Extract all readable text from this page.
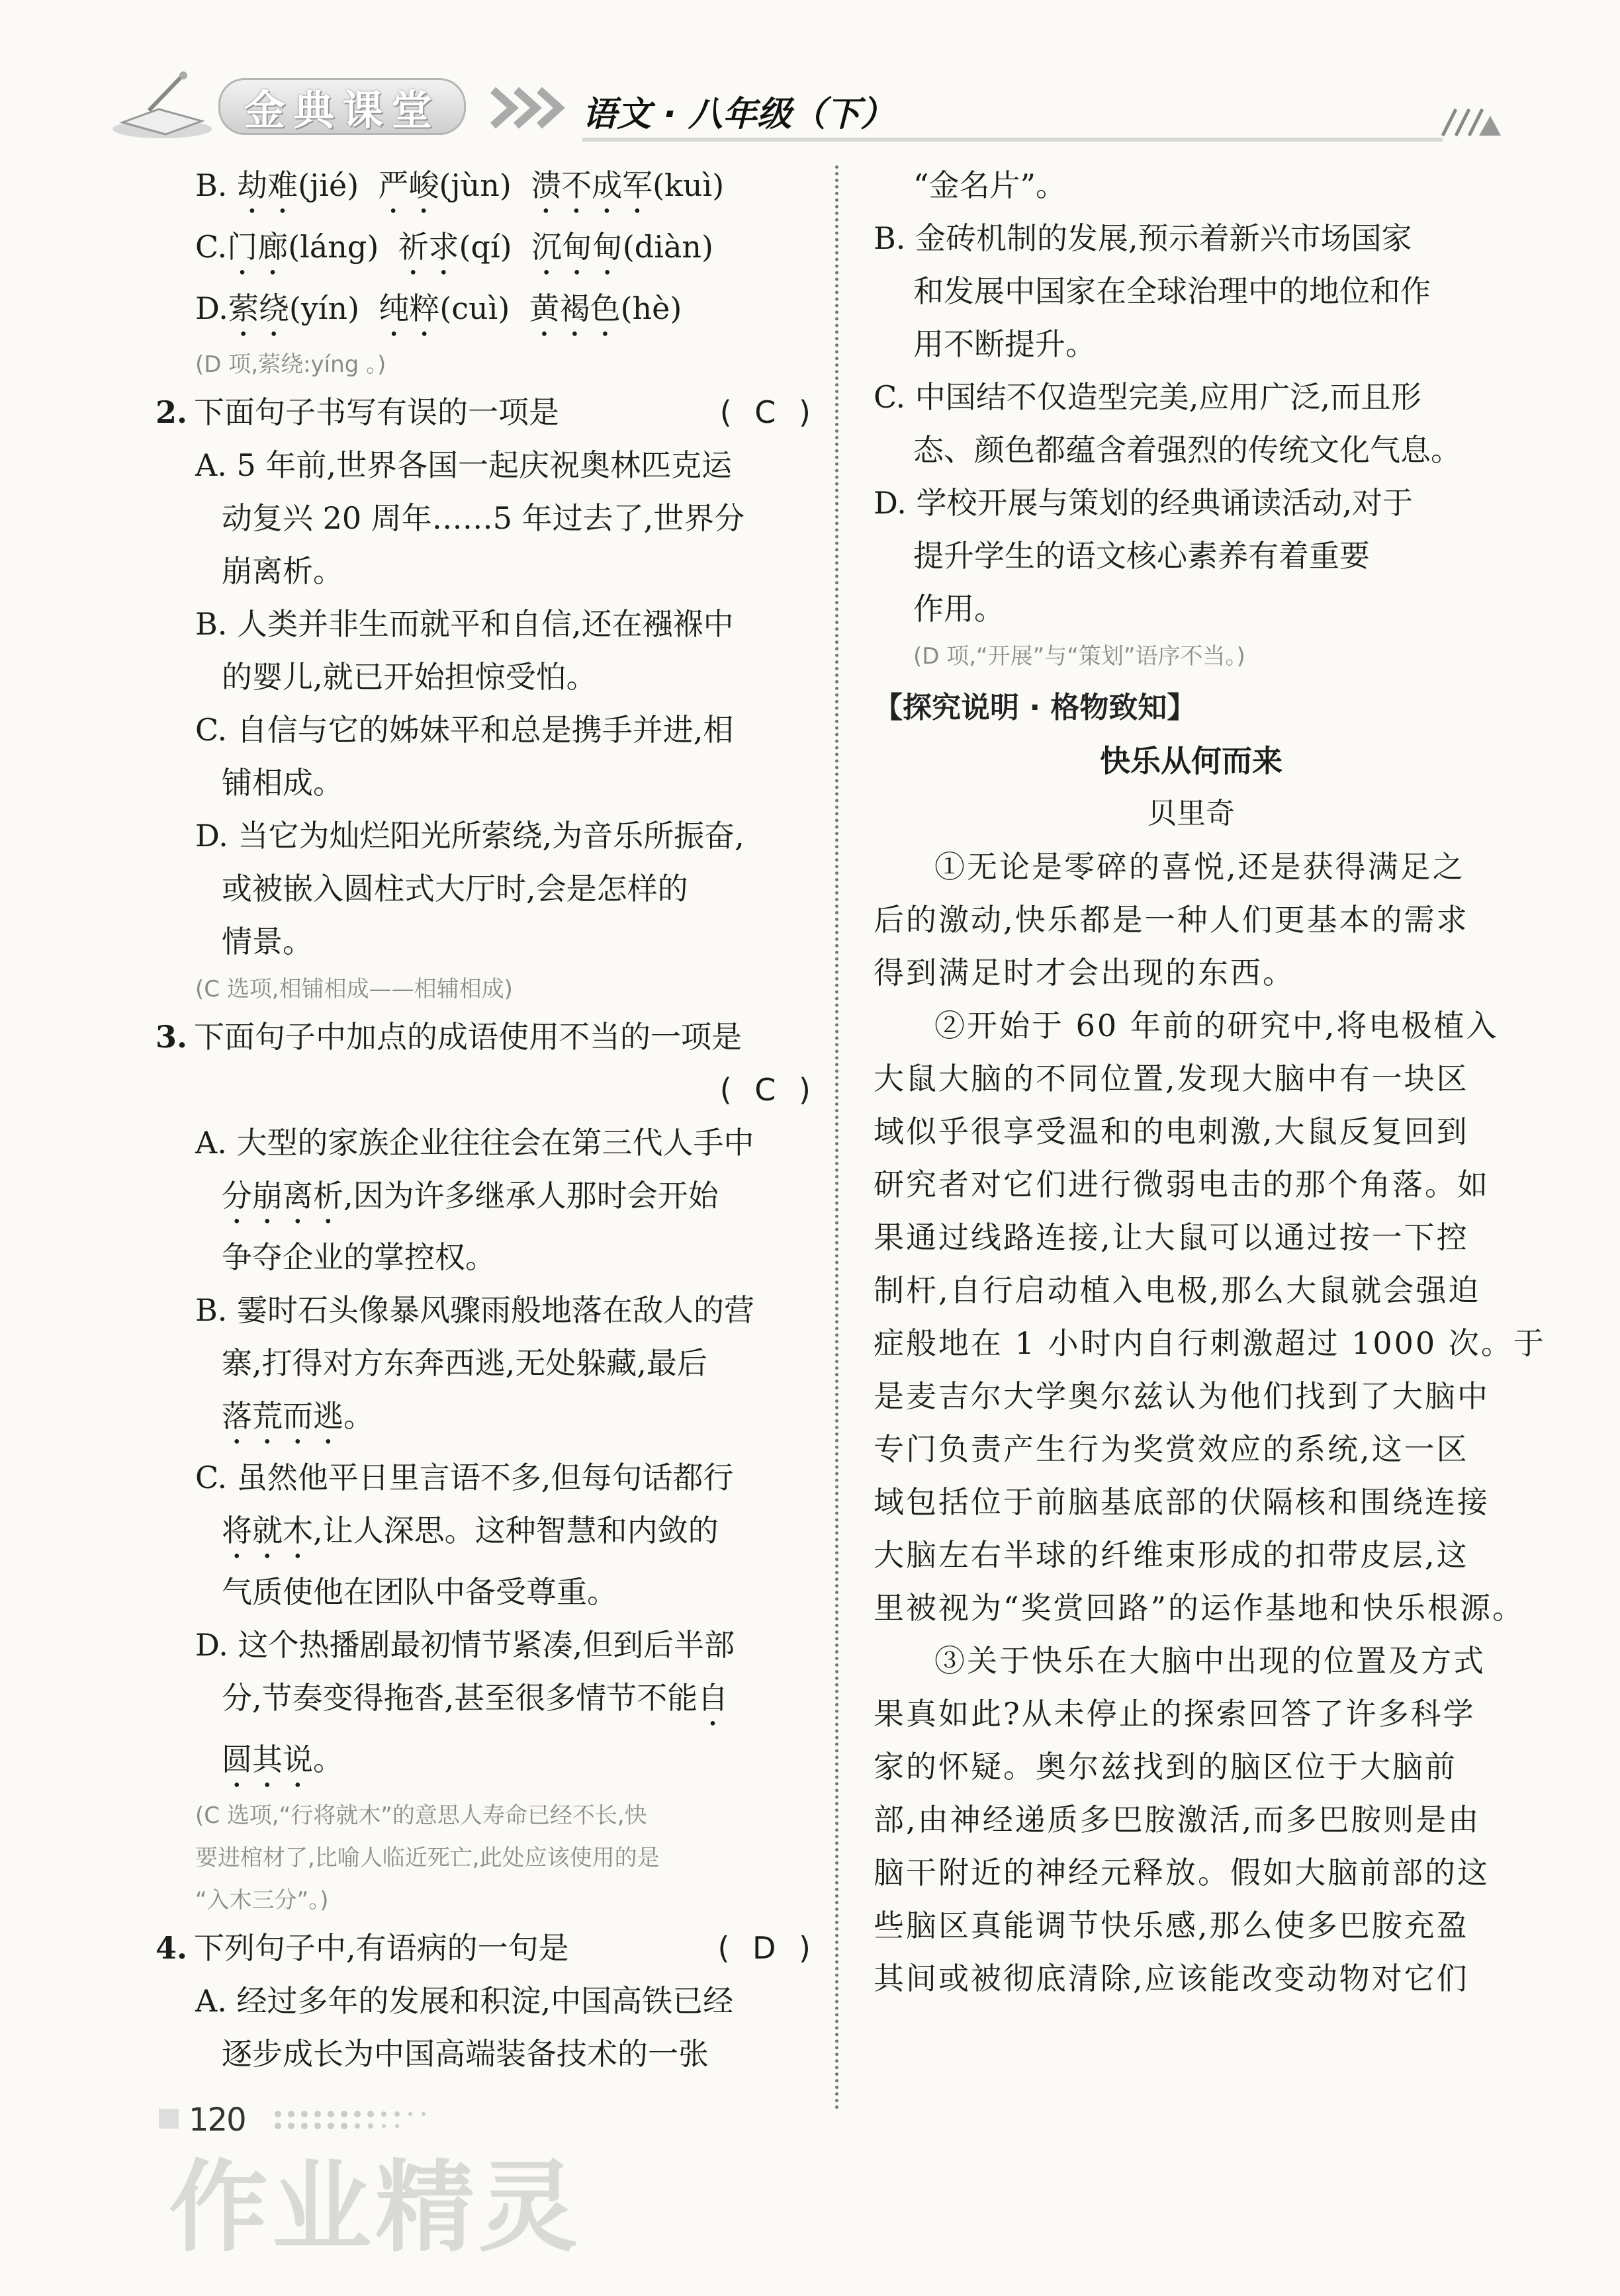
金典课堂	语文 · 八年级（下）
B. 劫难(jié) 严峻(jùn) 溃不成军(kuì)
C.门廊(láng) 祈求(qí) 沉甸甸(diàn)
D.萦绕(yín) 纯粹(cuì) 黄褐色(hè)
(D 项,萦绕:yíng 。)
2. 下面句子书写有误的一项是	( C )
A. 5 年前,世界各国一起庆祝奥林匹克运
动复兴 20 周年……5 年过去了,世界分
崩离析。
B. 人类并非生而就平和自信,还在襁褓中
的婴儿,就已开始担惊受怕。
C. 自信与它的姊妹平和总是携手并进,相
铺相成。
D. 当它为灿烂阳光所萦绕,为音乐所振奋,
或被嵌入圆柱式大厅时,会是怎样的
情景。
(C 选项,相铺相成——相辅相成)
3. 下面句子中加点的成语使用不当的一项是
( C )
A. 大型的家族企业往往会在第三代人手中
分崩离析,因为许多继承人那时会开始
争夺企业的掌控权。
B. 霎时石头像暴风骤雨般地落在敌人的营
寨,打得对方东奔西逃,无处躲藏,最后
落荒而逃。
C. 虽然他平日里言语不多,但每句话都行
将就木,让人深思。这种智慧和内敛的
气质使他在团队中备受尊重。
D. 这个热播剧最初情节紧凑,但到后半部
分,节奏变得拖沓,甚至很多情节不能自
圆其说。
(C 选项,“行将就木”的意思人寿命已经不长,快
要进棺材了,比喻人临近死亡,此处应该使用的是
“入木三分”。)
4. 下列句子中,有语病的一句是	( D )
A. 经过多年的发展和积淀,中国高铁已经
逐步成长为中国高端装备技术的一张
“金名片”。
B. 金砖机制的发展,预示着新兴市场国家
和发展中国家在全球治理中的地位和作
用不断提升。
C. 中国结不仅造型完美,应用广泛,而且形
态、颜色都蕴含着强烈的传统文化气息。
D. 学校开展与策划的经典诵读活动,对于
提升学生的语文核心素养有着重要
作用。
(D 项,“开展”与“策划”语序不当。)
【探究说明 · 格物致知】
快乐从何而来
贝里奇
①无论是零碎的喜悦,还是获得满足之
后的激动,快乐都是一种人们更基本的需求
得到满足时才会出现的东西。
②开始于 60 年前的研究中,将电极植入
大鼠大脑的不同位置,发现大脑中有一块区
域似乎很享受温和的电刺激,大鼠反复回到
研究者对它们进行微弱电击的那个角落。如
果通过线路连接,让大鼠可以通过按一下控
制杆,自行启动植入电极,那么大鼠就会强迫
症般地在 1 小时内自行刺激超过 1000 次。于
是麦吉尔大学奥尔兹认为他们找到了大脑中
专门负责产生行为奖赏效应的系统,这一区
域包括位于前脑基底部的伏隔核和围绕连接
大脑左右半球的纤维束形成的扣带皮层,这
里被视为“奖赏回路”的运作基地和快乐根源。
③关于快乐在大脑中出现的位置及方式
果真如此?从未停止的探索回答了许多科学
家的怀疑。奥尔兹找到的脑区位于大脑前
部,由神经递质多巴胺激活,而多巴胺则是由
脑干附近的神经元释放。假如大脑前部的这
些脑区真能调节快乐感,那么使多巴胺充盈
其间或被彻底清除,应该能改变动物对它们
120
作业精灵
